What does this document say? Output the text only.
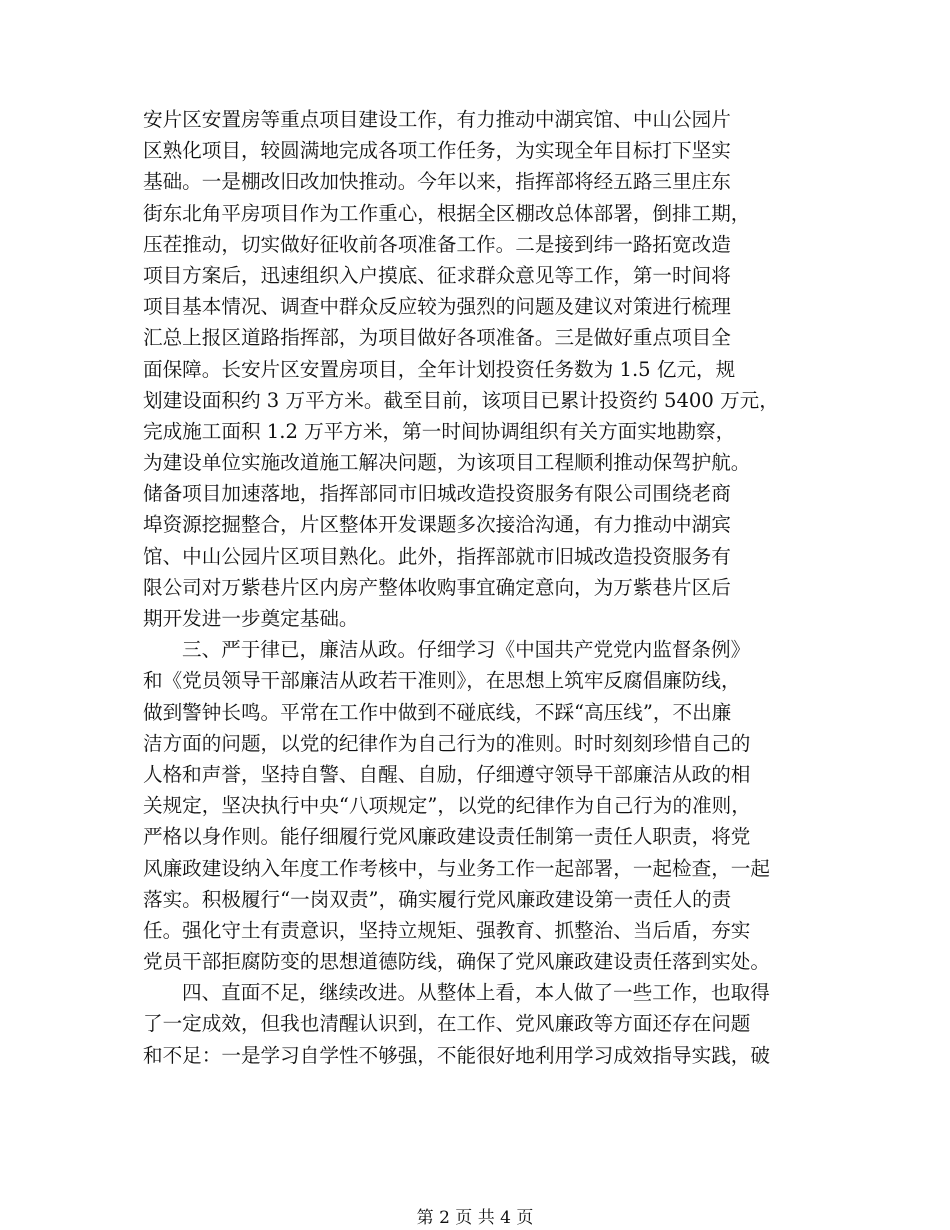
安片区安置房等重点项目建设工作，有力推动中湖宾馆、中山公园片
区熟化项目，较圆满地完成各项工作任务，为实现全年目标打下坚实
基础。一是棚改旧改加快推动。今年以来，指挥部将经五路三里庄东
街东北角平房项目作为工作重心，根据全区棚改总体部署，倒排工期，
压茬推动，切实做好征收前各项准备工作。二是接到纬一路拓宽改造
项目方案后，迅速组织入户摸底、征求群众意见等工作，第一时间将
项目基本情况、调查中群众反应较为强烈的问题及建议对策进行梳理
汇总上报区道路指挥部，为项目做好各项准备。三是做好重点项目全
面保障。长安片区安置房项目，全年计划投资任务数为 1.5 亿元，规
划建设面积约 3 万平方米。截至目前，该项目已累计投资约 5400 万元，
完成施工面积 1.2 万平方米，第一时间协调组织有关方面实地勘察，
为建设单位实施改道施工解决问题，为该项目工程顺利推动保驾护航。
储备项目加速落地，指挥部同市旧城改造投资服务有限公司围绕老商
埠资源挖掘整合，片区整体开发课题多次接洽沟通，有力推动中湖宾
馆、中山公园片区项目熟化。此外，指挥部就市旧城改造投资服务有
限公司对万紫巷片区内房产整体收购事宜确定意向，为万紫巷片区后
期开发进一步奠定基础。
三、严于律已，廉洁从政。仔细学习《中国共产党党内监督条例》
和《党员领导干部廉洁从政若干准则》，在思想上筑牢反腐倡廉防线，
做到警钟长鸣。平常在工作中做到不碰底线，不踩“高压线”，不出廉
洁方面的问题，以党的纪律作为自己行为的准则。时时刻刻珍惜自己的
人格和声誉，坚持自警、自醒、自励，仔细遵守领导干部廉洁从政的相
关规定，坚决执行中央“八项规定”，以党的纪律作为自己行为的准则，
严格以身作则。能仔细履行党风廉政建设责任制第一责任人职责，将党
风廉政建设纳入年度工作考核中，与业务工作一起部署，一起检查，一起
落实。积极履行“一岗双责”，确实履行党风廉政建设第一责任人的责
任。强化守土有责意识，坚持立规矩、强教育、抓整治、当后盾，夯实
党员干部拒腐防变的思想道德防线，确保了党风廉政建设责任落到实处。
四、直面不足，继续改进。从整体上看，本人做了一些工作，也取得
了一定成效，但我也清醒认识到，在工作、党风廉政等方面还存在问题
和不足：一是学习自学性不够强，不能很好地利用学习成效指导实践，破
第 2 页 共 4 页
